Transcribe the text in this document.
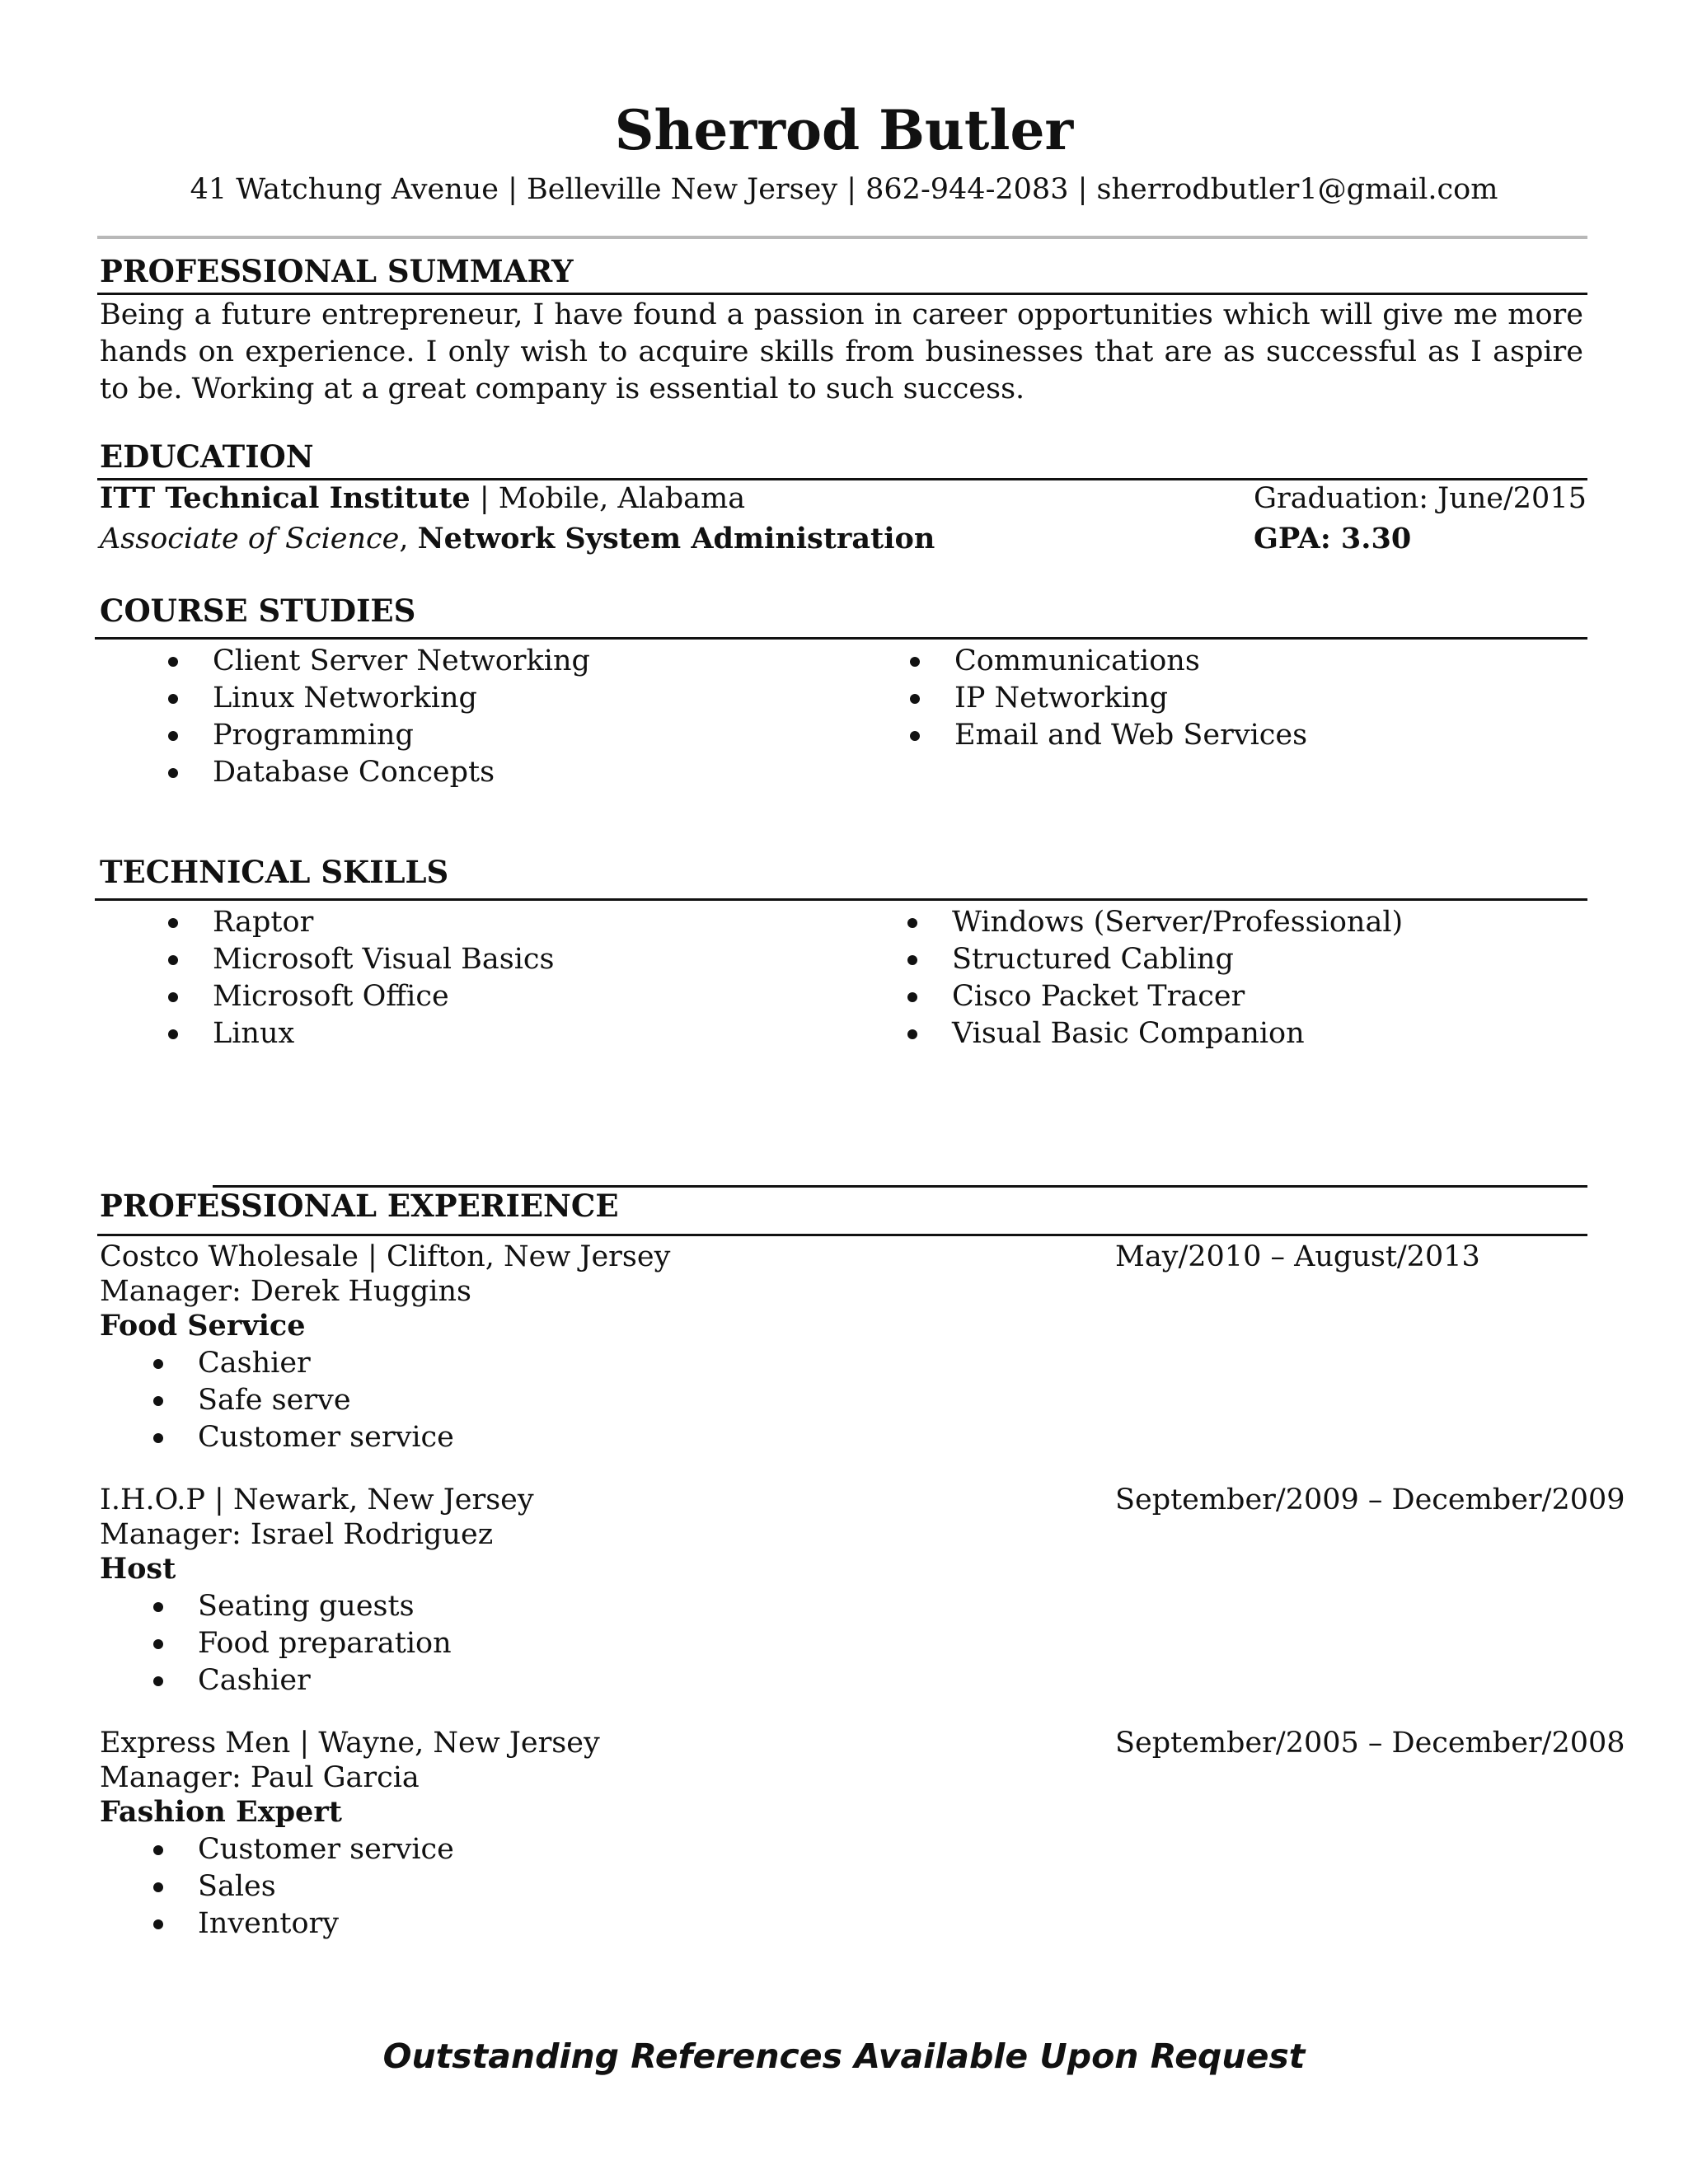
Sherrod Butler
41 Watchung Avenue | Belleville New Jersey | 862-944-2083 | sherrodbutler1@gmail.com
PROFESSIONAL SUMMARY
Being a future entrepreneur, I have found a passion in career opportunities which will give me more hands on experience. I only wish to acquire skills from businesses that are as successful as I aspire to be. Working at a great company is essential to such success.
EDUCATION
ITT Technical Institute | Mobile, Alabama	Graduation: June/2015
Associate of Science, Network System Administration	GPA: 3.30
COURSE STUDIES
Client Server Networking
Linux Networking
Programming
Database Concepts
Communications
IP Networking
Email and Web Services
TECHNICAL SKILLS
Raptor
Microsoft Visual Basics
Microsoft Office
Linux
Windows (Server/Professional)
Structured Cabling
Cisco Packet Tracer
Visual Basic Companion
PROFESSIONAL EXPERIENCE
Costco Wholesale | Clifton, New Jersey	May/2010 – August/2013
Manager: Derek Huggins
Food Service
Cashier
Safe serve
Customer service
I.H.O.P | Newark, New Jersey	September/2009 – December/2009
Manager: Israel Rodriguez
Host
Seating guests
Food preparation
Cashier
Express Men | Wayne, New Jersey	September/2005 – December/2008
Manager: Paul Garcia
Fashion Expert
Customer service
Sales
Inventory
Outstanding References Available Upon Request
